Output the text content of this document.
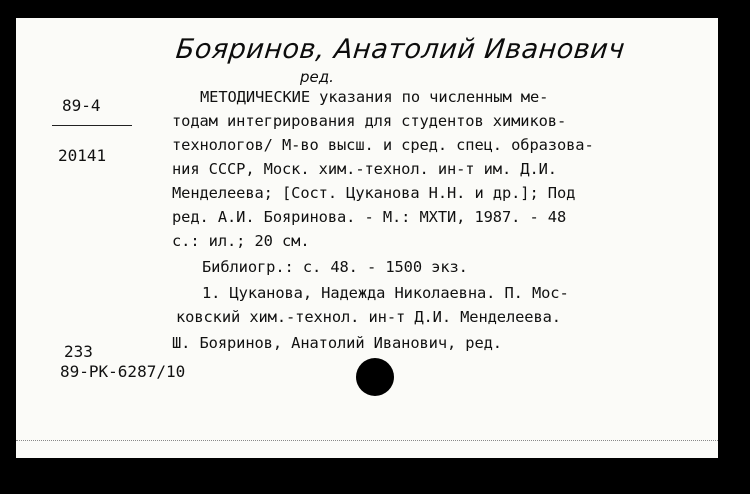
Бояринов, Анатолий Иванович
ред.
89-4
20141
233
89-РК-6287/10
МЕТОДИЧЕСКИЕ указания по численным ме-
тодам интегрирования для студентов химиков-
технологов/ М-во высш. и сред. спец. образова-
ния СССР, Моск. хим.-технол. ин-т им. Д.И.
Менделеева; [Сост. Цуканова Н.Н. и др.]; Под
ред. А.И. Бояринова. - М.: МХТИ, 1987. - 48
с.: ил.; 20 см.
Библиогр.: с. 48. - 1500 экз.
1. Цуканова, Надежда Николаевна. П. Мос-
ковский хим.-технол. ин-т Д.И. Менделеева.
Ш. Бояринов, Анатолий Иванович, ред.
